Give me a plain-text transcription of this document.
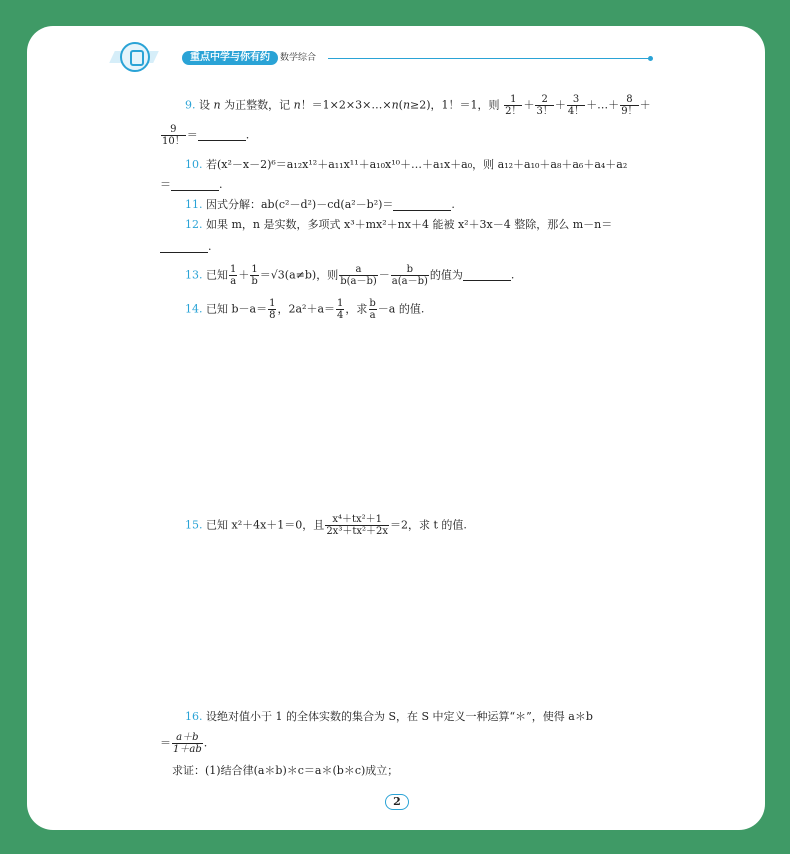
重点中学与你有约	数学综合
9. 设 n 为正整数，记 n！＝1×2×3×…×n(n≥2)，1！＝1，则 $\frac{1}{2!} + \frac{2}{3!} + \frac{3}{4!}$ ＋…＋ $\frac{8}{9!}$ ＋
$\frac{9}{10!}$ ＝	.
10. 若(x²－x－2)⁶＝a₁₂x¹²＋a₁₁x¹¹＋a₁₀x¹⁰＋…＋a₁x＋a₀，则 a₁₂＋a₁₀＋a₈＋a₆＋a₄＋a₂
＝	.
11. 因式分解：ab(c²－d²)－cd(a²－b²)＝	.
12. 如果 m，n 是实数，多项式 x³＋mx²＋nx＋4 能被 x²＋3x－4 整除，那么 m－n＝
.
13. 已知 $\frac{1}{a} + \frac{1}{b} =√3(a\ne b)$，则 $\frac{a}{b(a-b)} - \frac{b}{a(a-b)}$ 的值为	.
14. 已知 $b-a= \frac{1}{8}$ ，$2a^2+a= \frac{1}{4}$ ，求 $\frac{b}{a} -a$ 的值.
15. 已知 x²＋4x＋1＝0，且 $\frac{\text{x⁴＋tx²＋1}}{\text{2x³＋tx²＋2x}} =2$，求 t 的值.
16. 设绝对值小于 1 的全体实数的集合为 S，在 S 中定义一种运算“＊”，使得 a＊b
＝ $\frac{a+b}{1+ab}$ .
求证：(1)结合律(a＊b)＊c＝a＊(b＊c)成立；
2
